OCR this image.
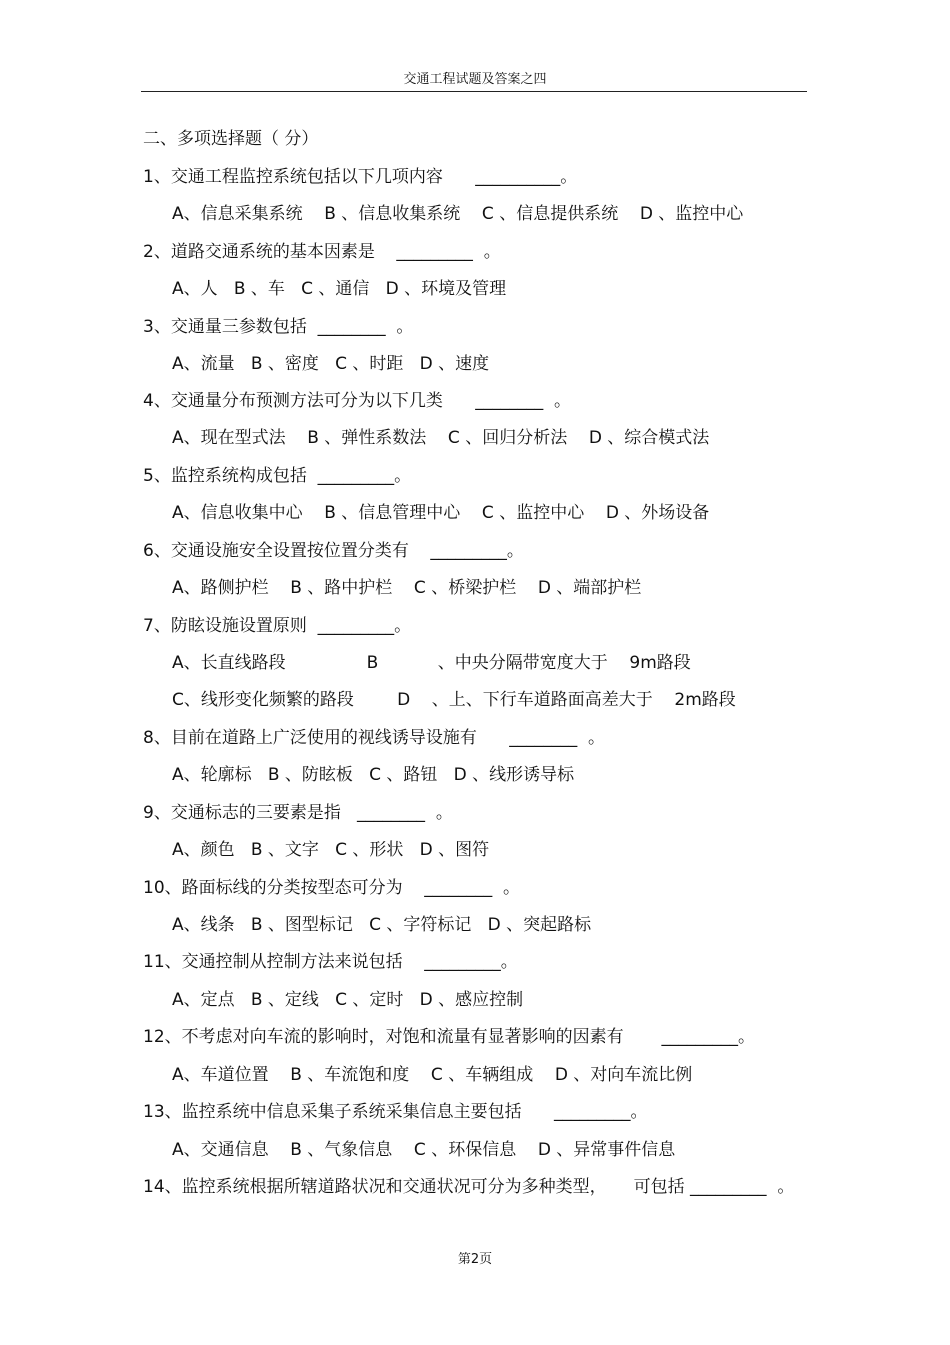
交通工程试题及答案之四
二、多项选择题（ 分）
1、交通工程监控系统包括以下几项内容      __________。
A、信息采集系统    B 、信息收集系统    C 、信息提供系统    D 、监控中心
2、道路交通系统的基本因素是    _________  。
A、人   B 、车   C 、通信   D 、环境及管理
3、交通量三参数包括  ________  。
A、流量   B 、密度   C 、时距   D 、速度
4、交通量分布预测方法可分为以下几类      ________  。
A、现在型式法    B 、弹性系数法    C 、回归分析法    D 、综合模式法
5、监控系统构成包括  _________。
A、信息收集中心    B 、信息管理中心    C 、监控中心    D 、外场设备
6、交通设施安全设置按位置分类有    _________。
A、路侧护栏    B 、路中护栏    C 、桥梁护栏    D 、端部护栏
7、防眩设施设置原则  _________。
A、长直线路段               B           、中央分隔带宽度大于    9m路段
C、线形变化频繁的路段        D    、上、下行车道路面高差大于    2m路段
8、目前在道路上广泛使用的视线诱导设施有      ________  。
A、轮廓标   B 、防眩板   C 、路钮   D 、线形诱导标
9、交通标志的三要素是指   ________  。
A、颜色   B 、文字   C 、形状   D 、图符
10、路面标线的分类按型态可分为    ________  。
A、线条   B 、图型标记   C 、字符标记   D 、突起路标
11、交通控制从控制方法来说包括    _________。
A、定点   B 、定线   C 、定时   D 、感应控制
12、不考虑对向车流的影响时，对饱和流量有显著影响的因素有       _________。
A、车道位置    B 、车流饱和度    C 、车辆组成    D 、对向车流比例
13、监控系统中信息采集子系统采集信息主要包括      _________。
A、交通信息    B 、气象信息    C 、环保信息    D 、异常事件信息
14、监控系统根据所辖道路状况和交通状况可分为多种类型，     可包括 _________  。
第2页
